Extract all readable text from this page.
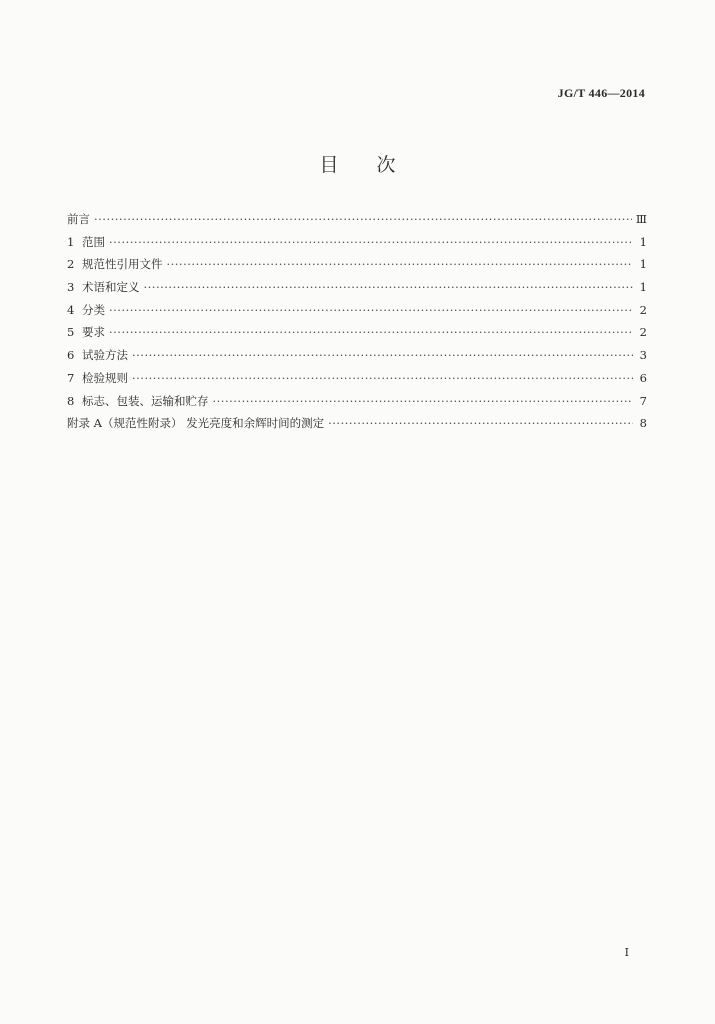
JG/T 446—2014
目次
前言 ·····	Ⅲ
1 范围 ·····	1
2 规范性引用文件 ·····	1
3 术语和定义 ·····	1
4 分类 ·····	2
5 要求 ·····	2
6 试验方法 ·····	3
7 检验规则 ·····	6
8 标志、包装、运输和贮存 ·····	7
附录 A（规范性附录） 发光亮度和余辉时间的测定 ·····	8
I
